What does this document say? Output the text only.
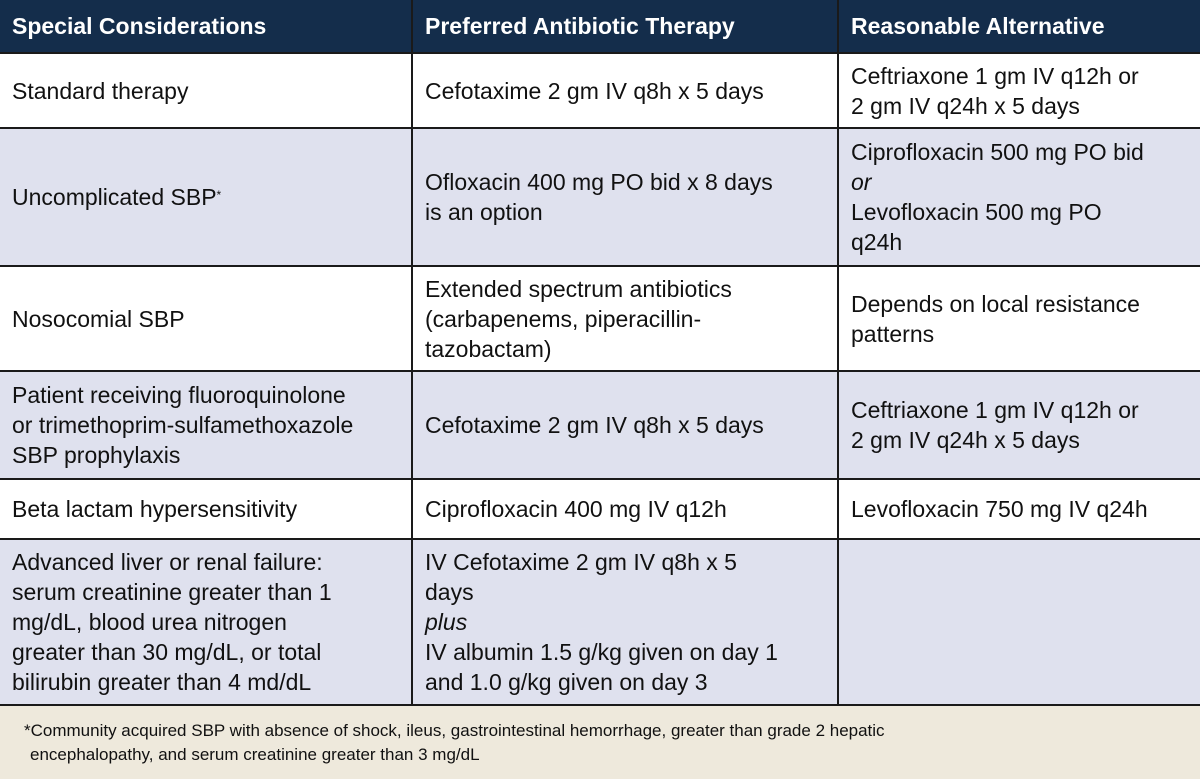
Special Considerations	Preferred Antibiotic Therapy	Reasonable Alternative

Standard therapy	Cefotaxime 2 gm IV q8h x 5 days	Ceftriaxone 1 gm IV q12h or
2 gm IV q24h x 5 days

Uncomplicated SBP*	Ofloxacin 400 mg PO bid x 8 days
is an option	Ciprofloxacin 500 mg PO bid
or
Levofloxacin 500 mg PO
q24h

Nosocomial SBP	Extended spectrum antibiotics
(carbapenems, piperacillin-
tazobactam)	Depends on local resistance
patterns

Patient receiving fluoroquinolone
or trimethoprim-sulfamethoxazole
SBP prophylaxis	Cefotaxime 2 gm IV q8h x 5 days	Ceftriaxone 1 gm IV q12h or
2 gm IV q24h x 5 days

Beta lactam hypersensitivity	Ciprofloxacin 400 mg IV q12h	Levofloxacin 750 mg IV q24h

Advanced liver or renal failure:
serum creatinine greater than 1
mg/dL, blood urea nitrogen
greater than 30 mg/dL, or total
bilirubin greater than 4 md/dL	IV Cefotaxime 2 gm IV q8h x 5
days
plus
IV albumin 1.5 g/kg given on day 1
and 1.0 g/kg given on day 3	

*Community acquired SBP with absence of shock, ileus, gastrointestinal hemorrhage, greater than grade 2 hepatic
encephalopathy, and serum creatinine greater than 3 mg/dL
